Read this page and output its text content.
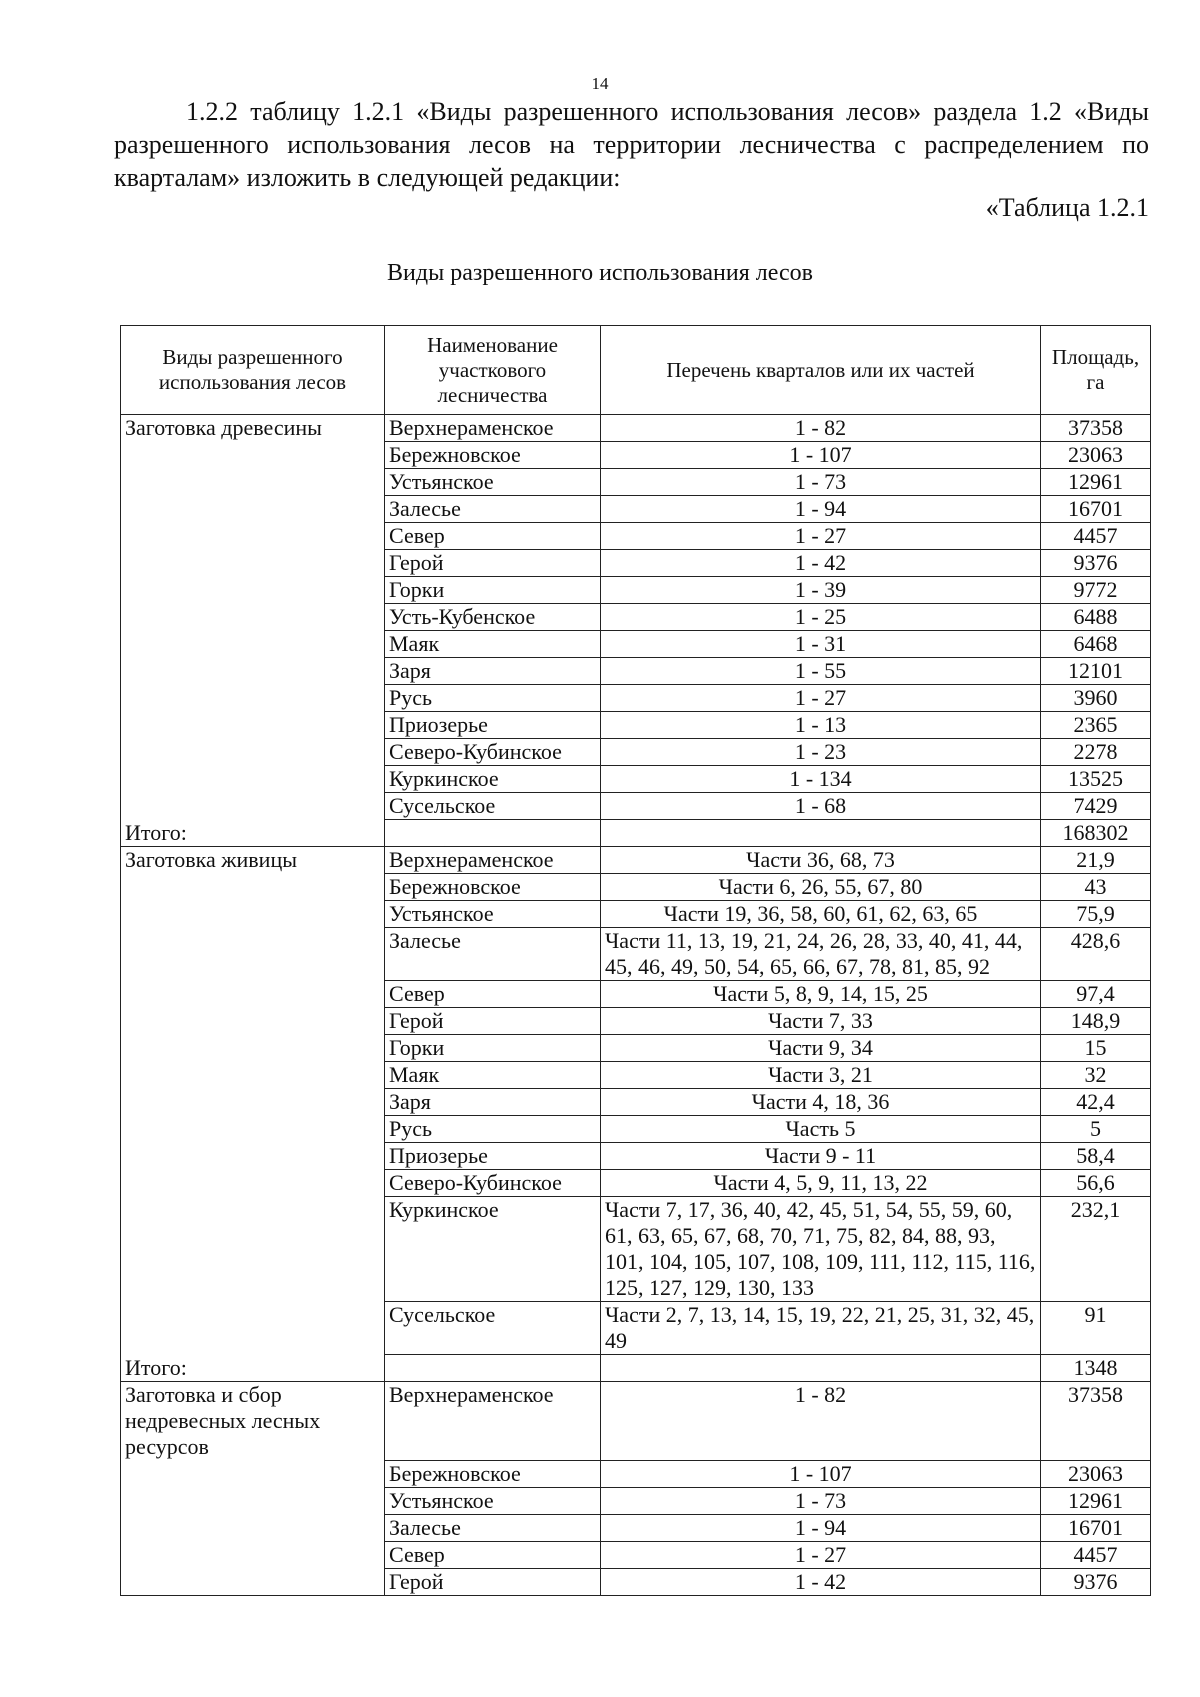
14

1.2.2 таблицу 1.2.1 «Виды разрешенного использования лесов» раздела 1.2 «Виды разрешенного использования лесов на территории лесничества с распределением по кварталам» изложить в следующей редакции:

«Таблица 1.2.1
Виды разрешенного использования лесов
Виды разрешенного использования лесов	Наименование участкового лесничества	Перечень кварталов или их частей	Площадь, га
Заготовка древесины	Верхнераменское	1 - 82	37358
	Бережновское	1 - 107	23063
	Устьянское	1 - 73	12961
	Залесье	1 - 94	16701
	Север	1 - 27	4457
	Герой	1 - 42	9376
	Горки	1 - 39	9772
	Усть-Кубенское	1 - 25	6488
	Маяк	1 - 31	6468
	Заря	1 - 55	12101
	Русь	1 - 27	3960
	Приозерье	1 - 13	2365
	Северо-Кубинское	1 - 23	2278
	Куркинское	1 - 134	13525
	Сусельское	1 - 68	7429
Итого:			168302
Заготовка живицы	Верхнераменское	Части 36, 68, 73	21,9
	Бережновское	Части 6, 26, 55, 67, 80	43
	Устьянское	Части 19, 36, 58, 60, 61, 62, 63, 65	75,9
	Залесье	Части 11, 13, 19, 21, 24, 26, 28, 33, 40, 41, 44, 45, 46, 49, 50, 54, 65, 66, 67, 78, 81, 85, 92	428,6
	Север	Части 5, 8, 9, 14, 15, 25	97,4
	Герой	Части 7, 33	148,9
	Горки	Части 9, 34	15
	Маяк	Части 3, 21	32
	Заря	Части 4, 18, 36	42,4
	Русь	Часть 5	5
	Приозерье	Части 9 - 11	58,4
	Северо-Кубинское	Части 4, 5, 9, 11, 13, 22	56,6
	Куркинское	Части 7, 17, 36, 40, 42, 45, 51, 54, 55, 59, 60, 61, 63, 65, 67, 68, 70, 71, 75, 82, 84, 88, 93, 101, 104, 105, 107, 108, 109, 111, 112, 115, 116, 125, 127, 129, 130, 133	232,1
	Сусельское	Части 2, 7, 13, 14, 15, 19, 22, 21, 25, 31, 32, 45, 49	91
Итого:			1348
Заготовка и сбор недревесных лесных ресурсов	Верхнераменское	1 - 82	37358
	Бережновское	1 - 107	23063
	Устьянское	1 - 73	12961
	Залесье	1 - 94	16701
	Север	1 - 27	4457
	Герой	1 - 42	9376
